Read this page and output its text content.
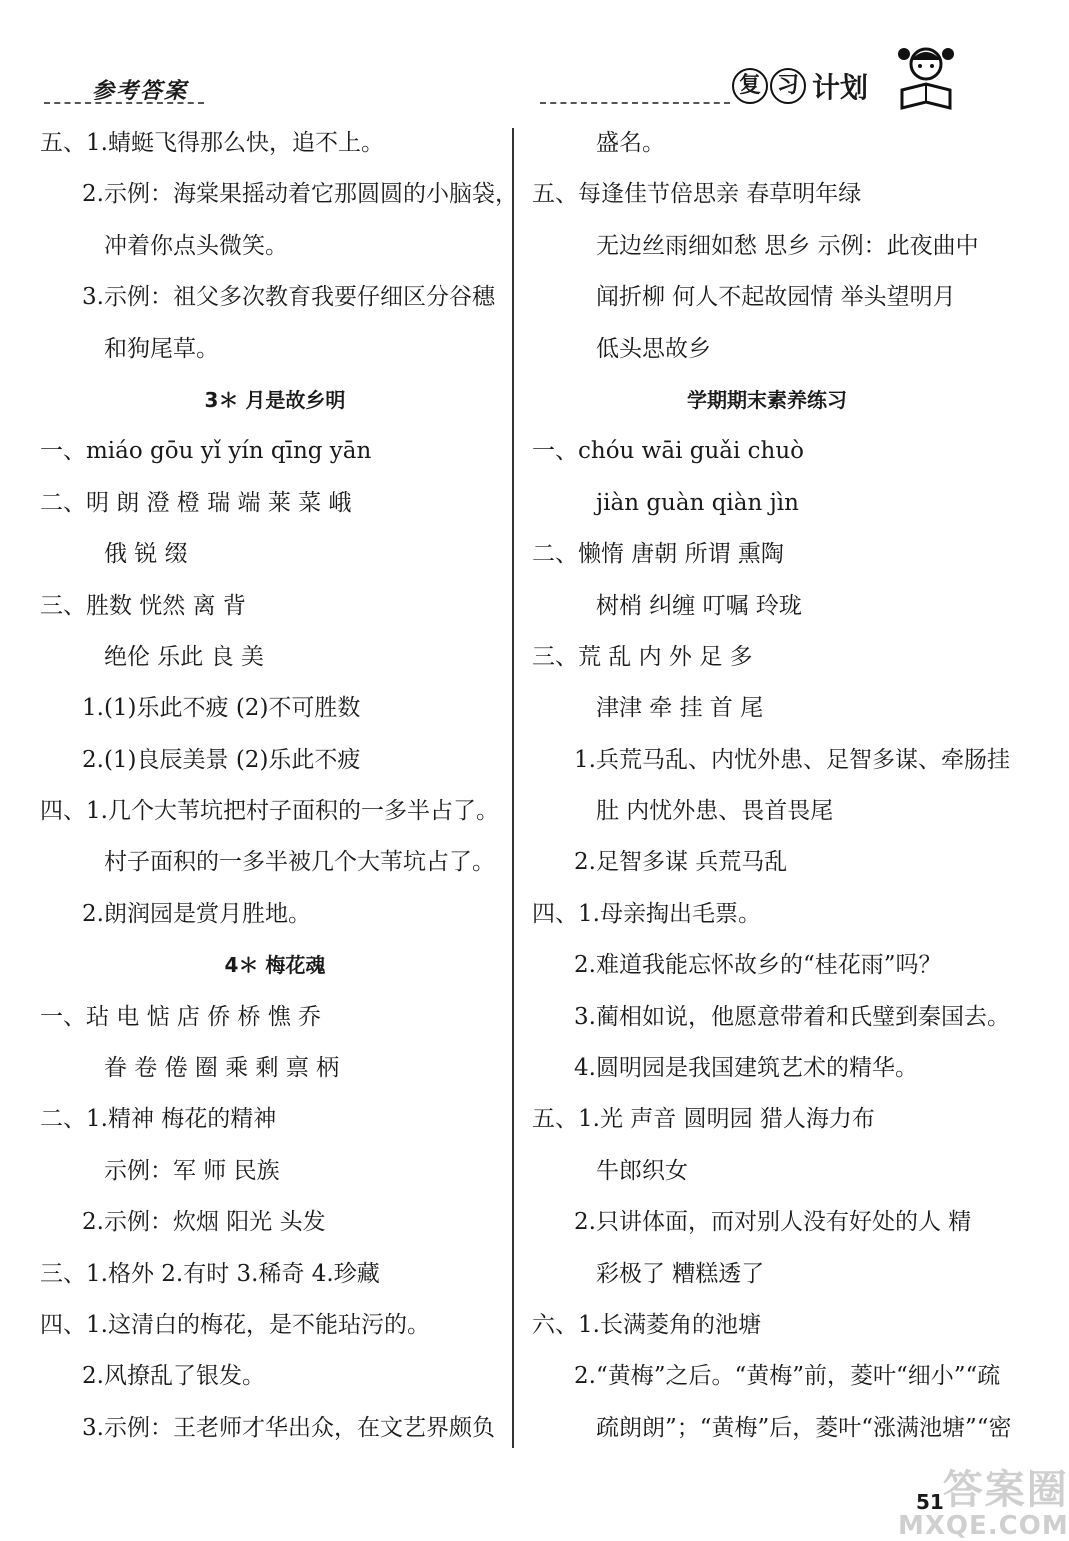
参考答案	复 习 计划
五、1.蜻蜓飞得那么快，追不上。
2.示例：海棠果摇动着它那圆圆的小脑袋，
冲着你点头微笑。
3.示例：祖父多次教育我要仔细区分谷穗
和狗尾草。
3＊ 月是故乡明
一、miáo gōu yǐ yín qīng yān
二、明 朗 澄 橙 瑞 端 莱 菜 峨
俄 锐 缀
三、胜数 恍然 离 背
绝伦 乐此 良 美
1.(1)乐此不疲 (2)不可胜数
2.(1)良辰美景 (2)乐此不疲
四、1.几个大苇坑把村子面积的一多半占了。
村子面积的一多半被几个大苇坑占了。
2.朗润园是赏月胜地。
4＊ 梅花魂
一、玷 电 惦 店 侨 桥 憔 乔
眷 卷 倦 圈 乘 剩 禀 柄
二、1.精神 梅花的精神
示例：军 师 民族
2.示例：炊烟 阳光 头发
三、1.格外 2.有时 3.稀奇 4.珍藏
四、1.这清白的梅花，是不能玷污的。
2.风撩乱了银发。
3.示例：王老师才华出众，在文艺界颇负
盛名。
五、每逢佳节倍思亲 春草明年绿
无边丝雨细如愁 思乡 示例：此夜曲中
闻折柳 何人不起故园情 举头望明月
低头思故乡
学期期末素养练习
一、chóu wāi guǎi chuò
jiàn guàn qiàn jìn
二、懒惰 唐朝 所谓 熏陶
树梢 纠缠 叮嘱 玲珑
三、荒 乱 内 外 足 多
津津 牵 挂 首 尾
1.兵荒马乱、内忧外患、足智多谋、牵肠挂
肚 内忧外患、畏首畏尾
2.足智多谋 兵荒马乱
四、1.母亲掏出毛票。
2.难道我能忘怀故乡的“桂花雨”吗？
3.蔺相如说，他愿意带着和氏璧到秦国去。
4.圆明园是我国建筑艺术的精华。
五、1.光 声音 圆明园 猎人海力布
牛郎织女
2.只讲体面，而对别人没有好处的人 精
彩极了 糟糕透了
六、1.长满菱角的池塘
2.“黄梅”之后。“黄梅”前，菱叶“细小”“疏
疏朗朗”；“黄梅”后，菱叶“涨满池塘”“密
答案圈
MXQE.COM
51
